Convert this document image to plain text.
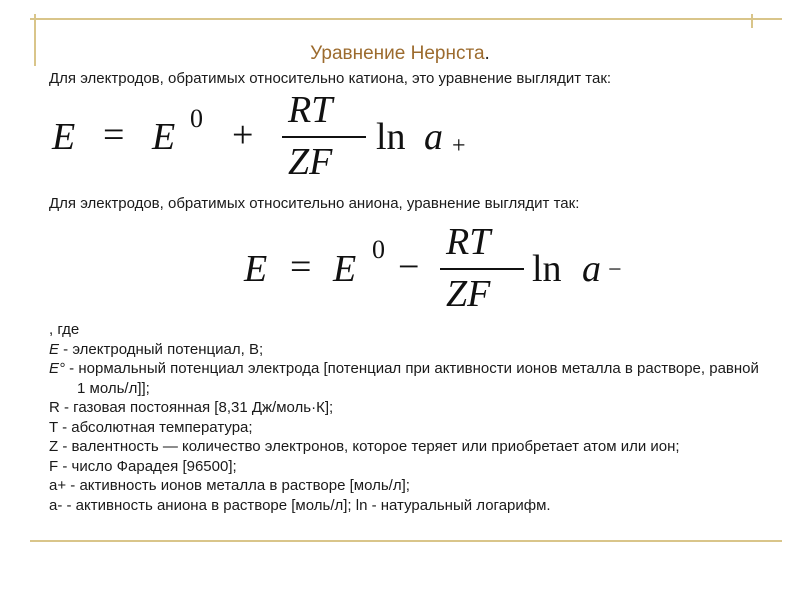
Уравнение Нернста.
Для электродов, обратимых относительно катиона, это уравнение выглядит так:
E = E 0 +
RT
ZF
ln a +
Для электродов, обратимых относительно аниона, уравнение выглядит так:
E = E 0 −
RT
ZF
ln a −
, где
E - электродный потенциал, В;
E° - нормальный потенциал электрода [потенциал при активности ионов металла в растворе, равной 1 моль/л]];
R - газовая постоянная [8,31 Дж/моль·К];
T - абсолютная температура;
Z - валентность — количество электронов, которое теряет или приобретает атом или ион;
F - число Фарадея [96500];
a+ - активность ионов металла в растворе [моль/л];
a- - активность аниона в растворе [моль/л]; ln - натуральный логарифм.
